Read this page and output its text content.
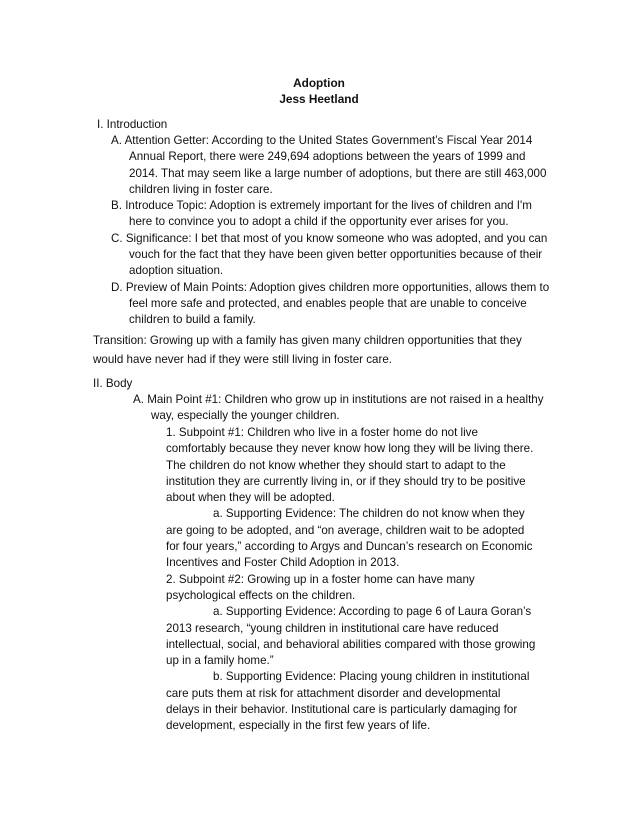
Adoption
Jess Heetland
I. Introduction
A. Attention Getter: According to the United States Government’s Fiscal Year 2014 Annual Report, there were 249,694 adoptions between the years of 1999 and 2014. That may seem like a large number of adoptions, but there are still 463,000 children living in foster care.
B. Introduce Topic: Adoption is extremely important for the lives of children and I'm here to convince you to adopt a child if the opportunity ever arises for you.
C. Significance: I bet that most of you know someone who was adopted, and you can vouch for the fact that they have been given better opportunities because of their adoption situation.
D. Preview of Main Points: Adoption gives children more opportunities, allows them to feel more safe and protected, and enables people that are unable to conceive children to build a family.
Transition: Growing up with a family has given many children opportunities that they would have never had if they were still living in foster care.
II. Body
A. Main Point #1: Children who grow up in institutions are not raised in a healthy way, especially the younger children.

1. Subpoint #1: Children who live in a foster home do not live comfortably because they never know how long they will be living there. The children do not know whether they should start to adapt to the institution they are currently living in, or if they should try to be positive about when they will be adopted.

a. Supporting Evidence: The children do not know when they are going to be adopted, and “on average, children wait to be adopted for four years,” according to Argys and Duncan’s research on Economic Incentives and Foster Child Adoption in 2013.

2. Subpoint #2: Growing up in a foster home can have many psychological effects on the children.

a. Supporting Evidence: According to page 6 of Laura Goran’s 2013 research, “young children in institutional care have reduced intellectual, social, and behavioral abilities compared with those growing up in a family home.”

b. Supporting Evidence: Placing young children in institutional care puts them at risk for attachment disorder and developmental delays in their behavior. Institutional care is particularly damaging for development, especially in the first few years of life.
